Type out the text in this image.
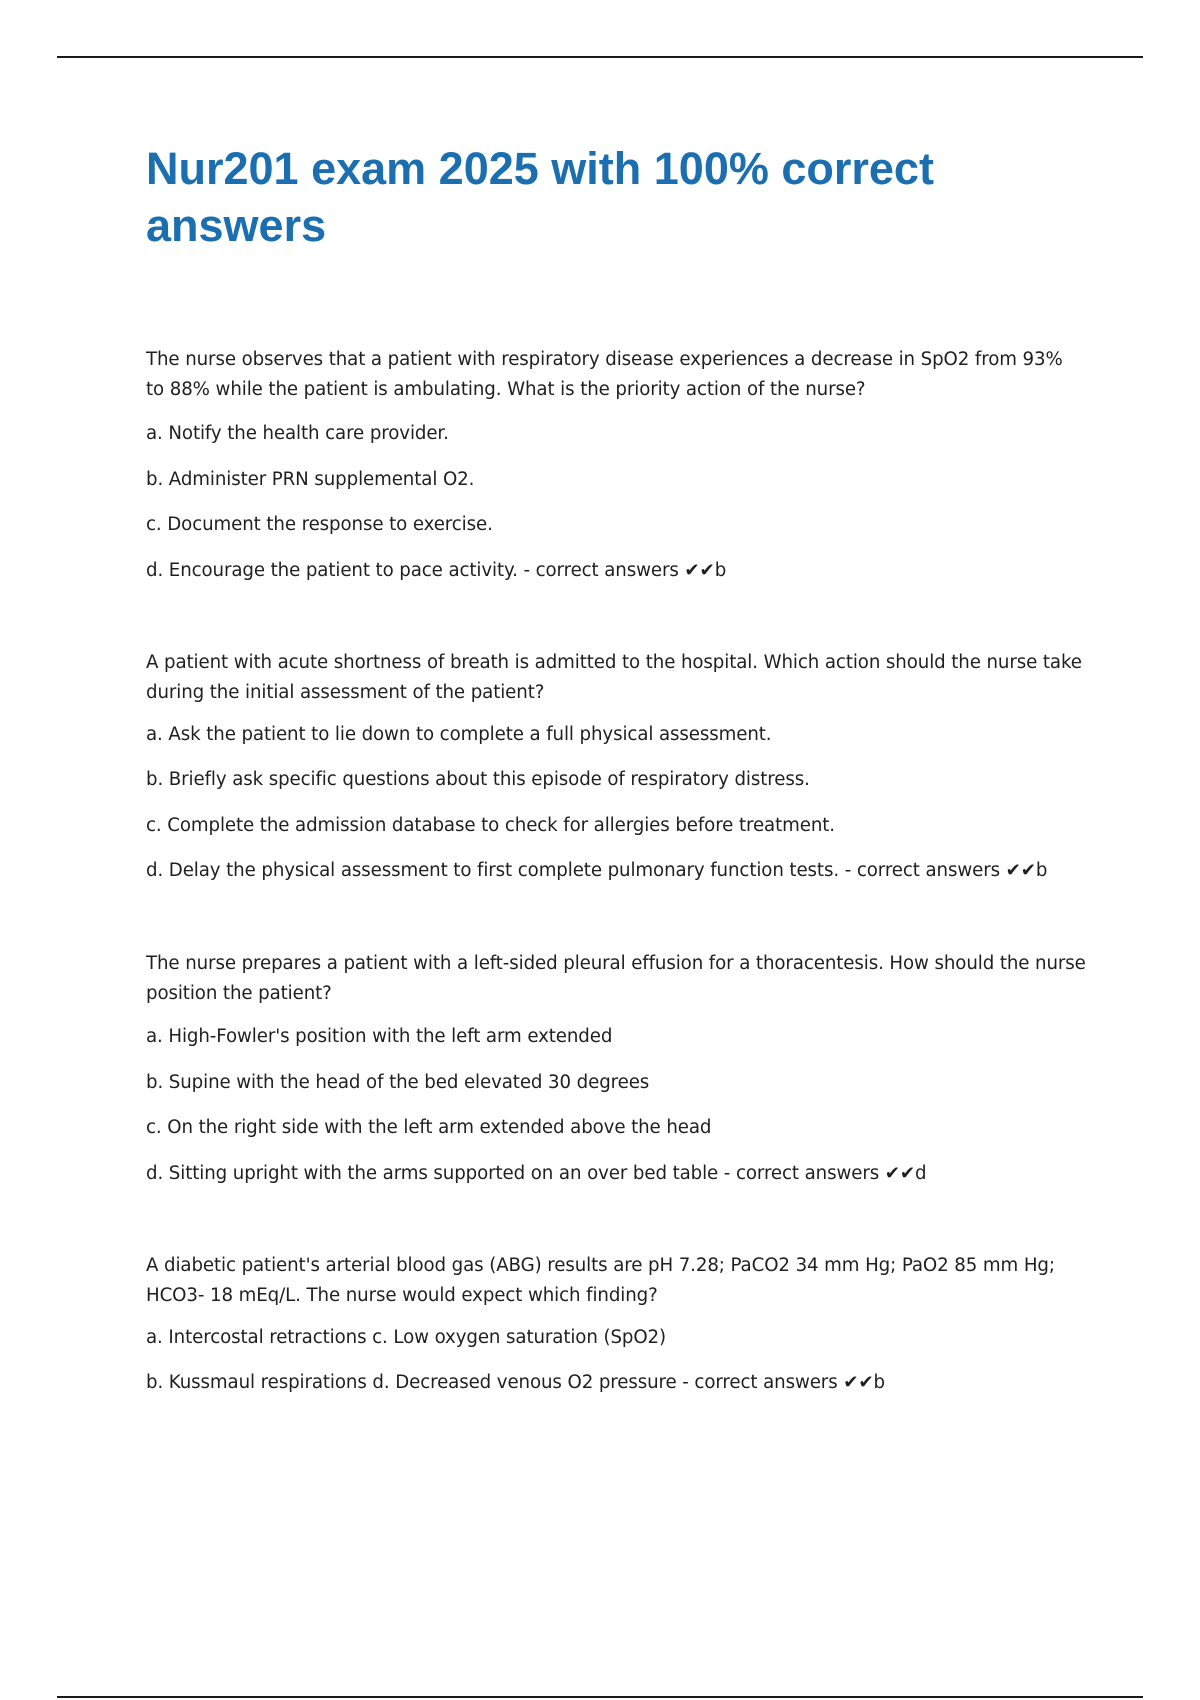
Nur201 exam 2025 with 100% correct answers

The nurse observes that a patient with respiratory disease experiences a decrease in SpO2 from 93% to 88% while the patient is ambulating. What is the priority action of the nurse?

a. Notify the health care provider.

b. Administer PRN supplemental O2.

c. Document the response to exercise.

d. Encourage the patient to pace activity. - correct answers ✔✔b

A patient with acute shortness of breath is admitted to the hospital. Which action should the nurse take during the initial assessment of the patient?

a. Ask the patient to lie down to complete a full physical assessment.

b. Briefly ask specific questions about this episode of respiratory distress.

c. Complete the admission database to check for allergies before treatment.

d. Delay the physical assessment to first complete pulmonary function tests. - correct answers ✔✔b

The nurse prepares a patient with a left-sided pleural effusion for a thoracentesis. How should the nurse position the patient?

a. High-Fowler's position with the left arm extended

b. Supine with the head of the bed elevated 30 degrees

c. On the right side with the left arm extended above the head

d. Sitting upright with the arms supported on an over bed table - correct answers ✔✔d

A diabetic patient's arterial blood gas (ABG) results are pH 7.28; PaCO2 34 mm Hg; PaO2 85 mm Hg; HCO3- 18 mEq/L. The nurse would expect which finding?

a. Intercostal retractions c. Low oxygen saturation (SpO2)

b. Kussmaul respirations d. Decreased venous O2 pressure - correct answers ✔✔b
